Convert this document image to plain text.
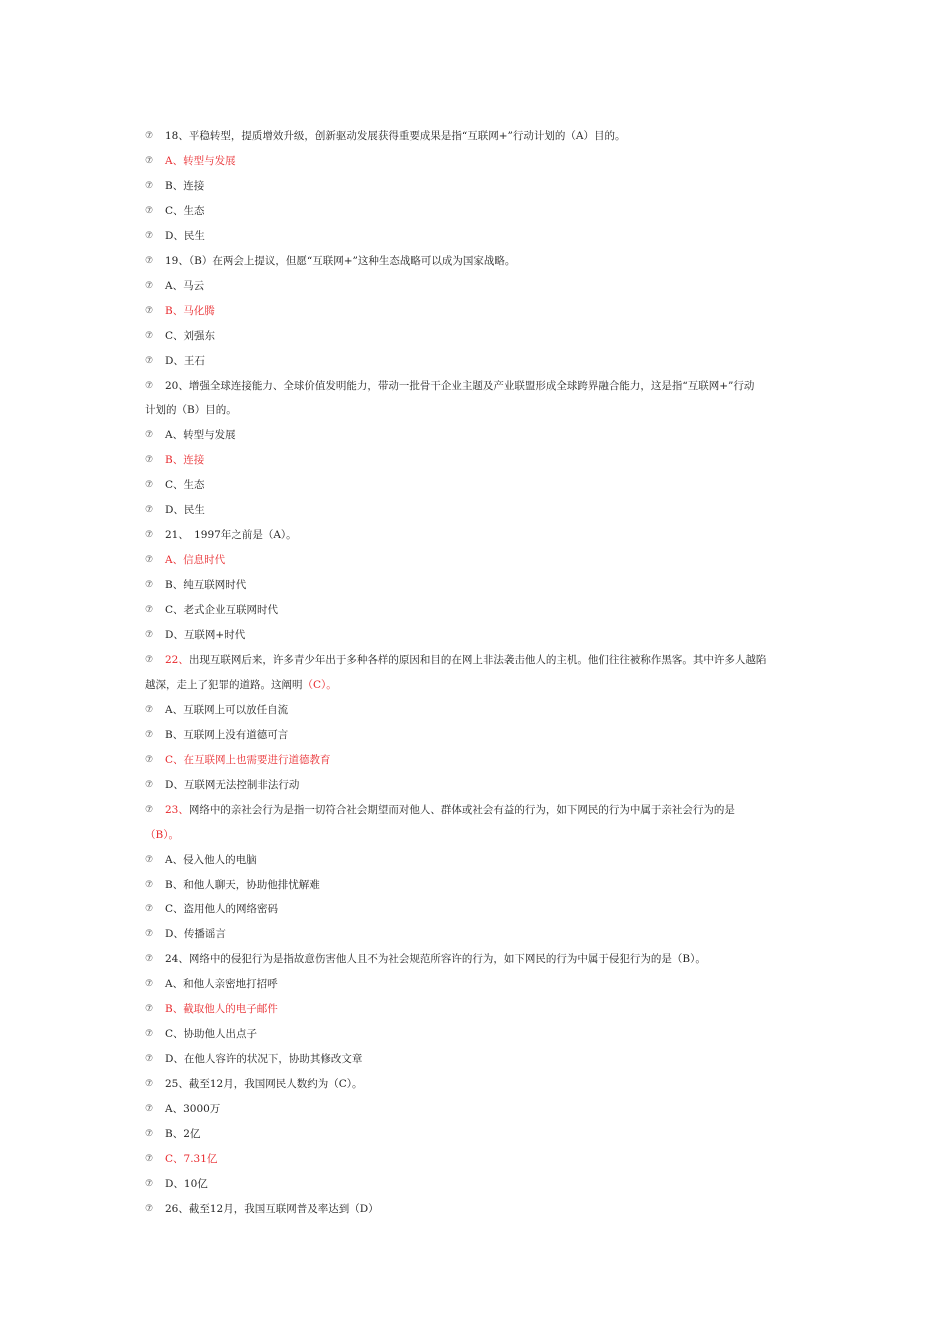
⑦ 18、平稳转型，提质增效升级，创新驱动发展获得重要成果是指“互联网+”行动计划的（A）目的。
⑦ A、转型与发展
⑦ B、连接
⑦ C、生态
⑦ D、民生
⑦ 19、（B）在两会上提议，但愿“互联网+”这种生态战略可以成为国家战略。
⑦ A、马云
⑦ B、马化腾
⑦ C、刘强东
⑦ D、王石
⑦ 20、增强全球连接能力、全球价值发明能力，带动一批骨干企业主题及产业联盟形成全球跨界融合能力，这是指“互联网+”行动
计划的（B）目的。
⑦ A、转型与发展
⑦ B、连接
⑦ C、生态
⑦ D、民生
⑦ 21、　1997年之前是（A）。
⑦ A、信息时代
⑦ B、纯互联网时代
⑦ C、老式企业互联网时代
⑦ D、互联网+时代
⑦ 22、出现互联网后来，许多青少年出于多种各样的原因和目的在网上非法袭击他人的主机。他们往往被称作黑客。其中许多人越陷
越深，走上了犯罪的道路。这阐明（C）。
⑦ A、互联网上可以放任自流
⑦ B、互联网上没有道德可言
⑦ C、在互联网上也需要进行道德教育
⑦ D、互联网无法控制非法行动
⑦ 23、网络中的亲社会行为是指一切符合社会期望而对他人、群体或社会有益的行为，如下网民的行为中属于亲社会行为的是
（B）。
⑦ A、侵入他人的电脑
⑦ B、和他人聊天，协助他排忧解难
⑦ C、盗用他人的网络密码
⑦ D、传播谣言
⑦ 24、网络中的侵犯行为是指故意伤害他人且不为社会规范所容许的行为，如下网民的行为中属于侵犯行为的是（B）。
⑦ A、和他人亲密地打招呼
⑦ B、截取他人的电子邮件
⑦ C、协助他人出点子
⑦ D、在他人容许的状况下，协助其修改文章
⑦ 25、截至12月，我国网民人数约为（C）。
⑦ A、3000万
⑦ B、2亿
⑦ C、7.31亿
⑦ D、10亿
⑦ 26、截至12月，我国互联网普及率达到（D）
